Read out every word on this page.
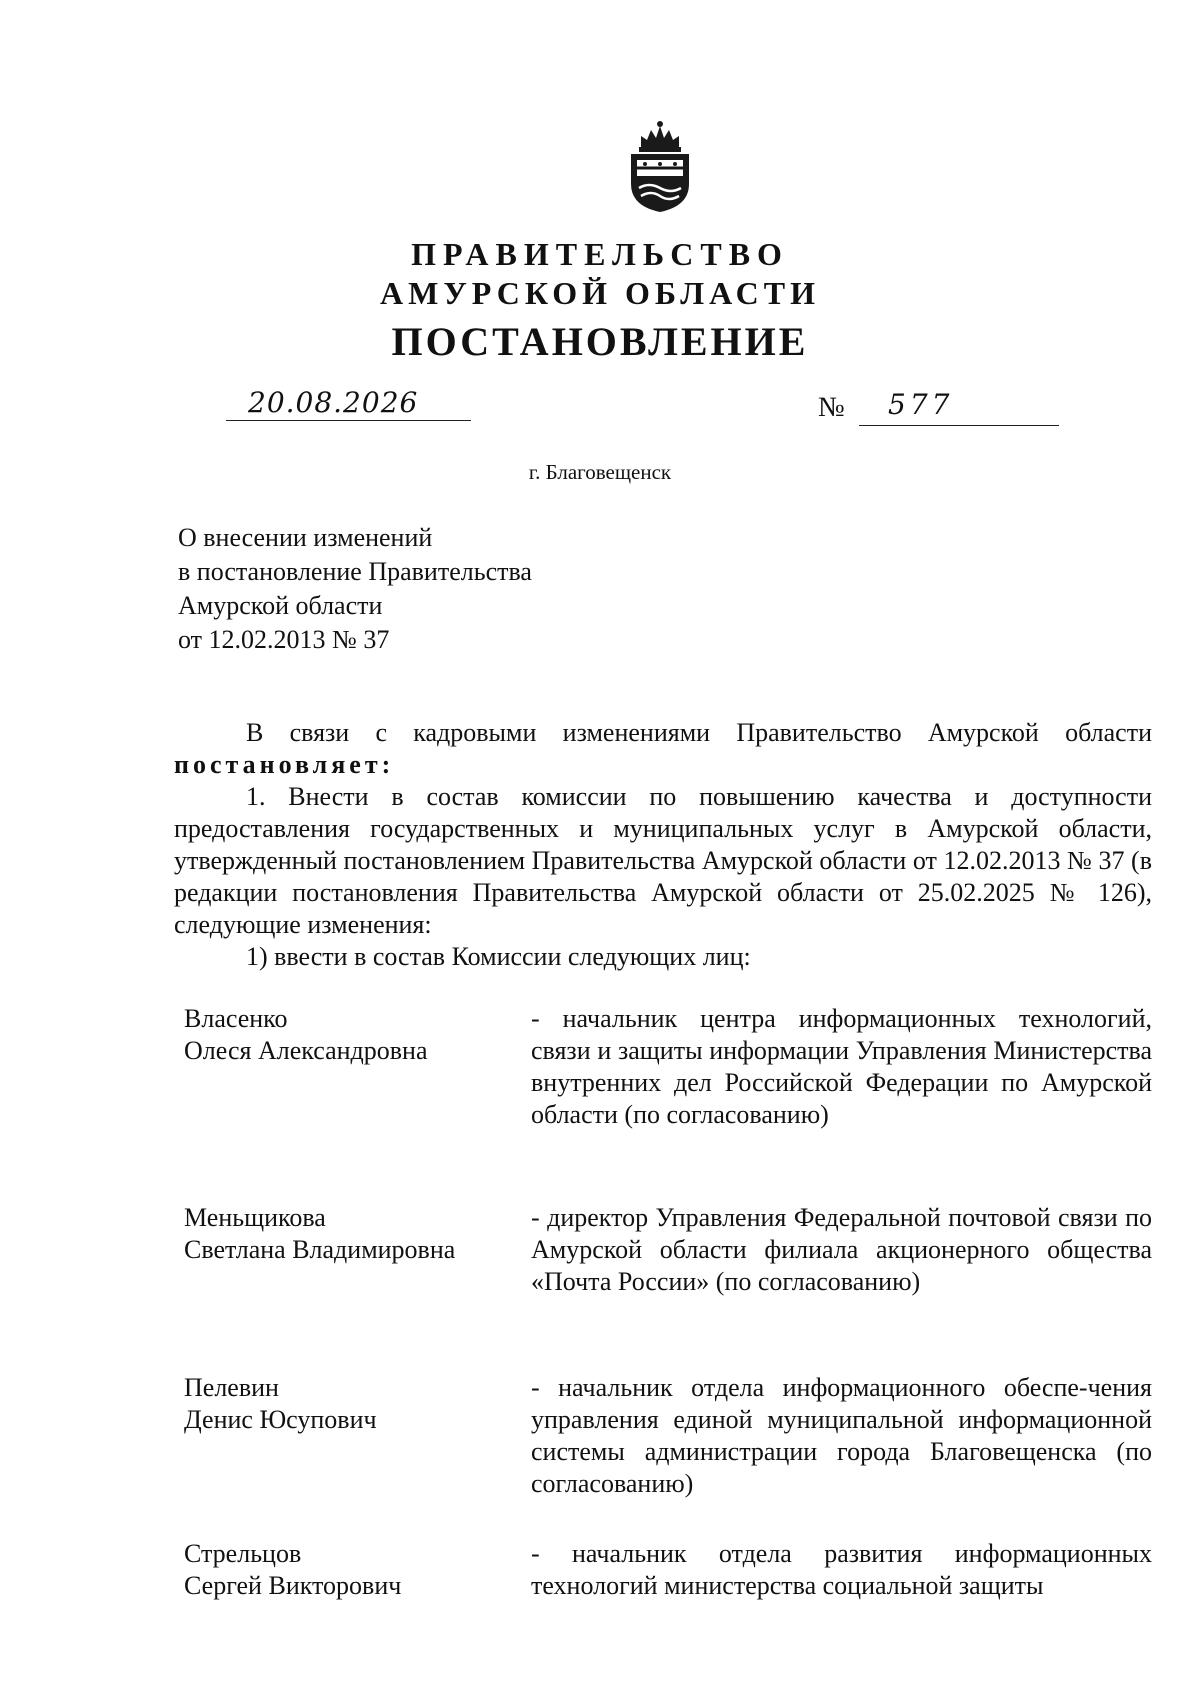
ПРАВИТЕЛЬСТВО
АМУРСКОЙ ОБЛАСТИ
ПОСТАНОВЛЕНИЕ
20.08.2026	№ 577
г. Благовещенск
О внесении изменений
в постановление Правительства
Амурской области
от 12.02.2013 № 37
В связи с кадровыми изменениями Правительство Амурской области
постановляет:
1. Внести в состав комиссии по повышению качества и доступности предоставления государственных и муниципальных услуг в Амурской области, утвержденный постановлением Правительства Амурской области от 12.02.2013 № 37 (в редакции постановления Правительства Амурской области от 25.02.2025 № 126), следующие изменения:
1) ввести в состав Комиссии следующих лиц:
Власенко
Олеся Александровна
- начальник центра информационных технологий, связи и защиты информации Управления Министерства внутренних дел Российской Федерации по Амурской области (по согласованию)
Меньщикова
Светлана Владимировна
- директор Управления Федеральной почтовой связи по Амурской области филиала акционерного общества «Почта России» (по согласованию)
Пелевин
Денис Юсупович
- начальник отдела информационного обеспе-чения управления единой муниципальной информационной системы администрации города Благовещенска (по согласованию)
Стрельцов
Сергей Викторович
- начальник отдела развития информационных технологий министерства социальной защиты
